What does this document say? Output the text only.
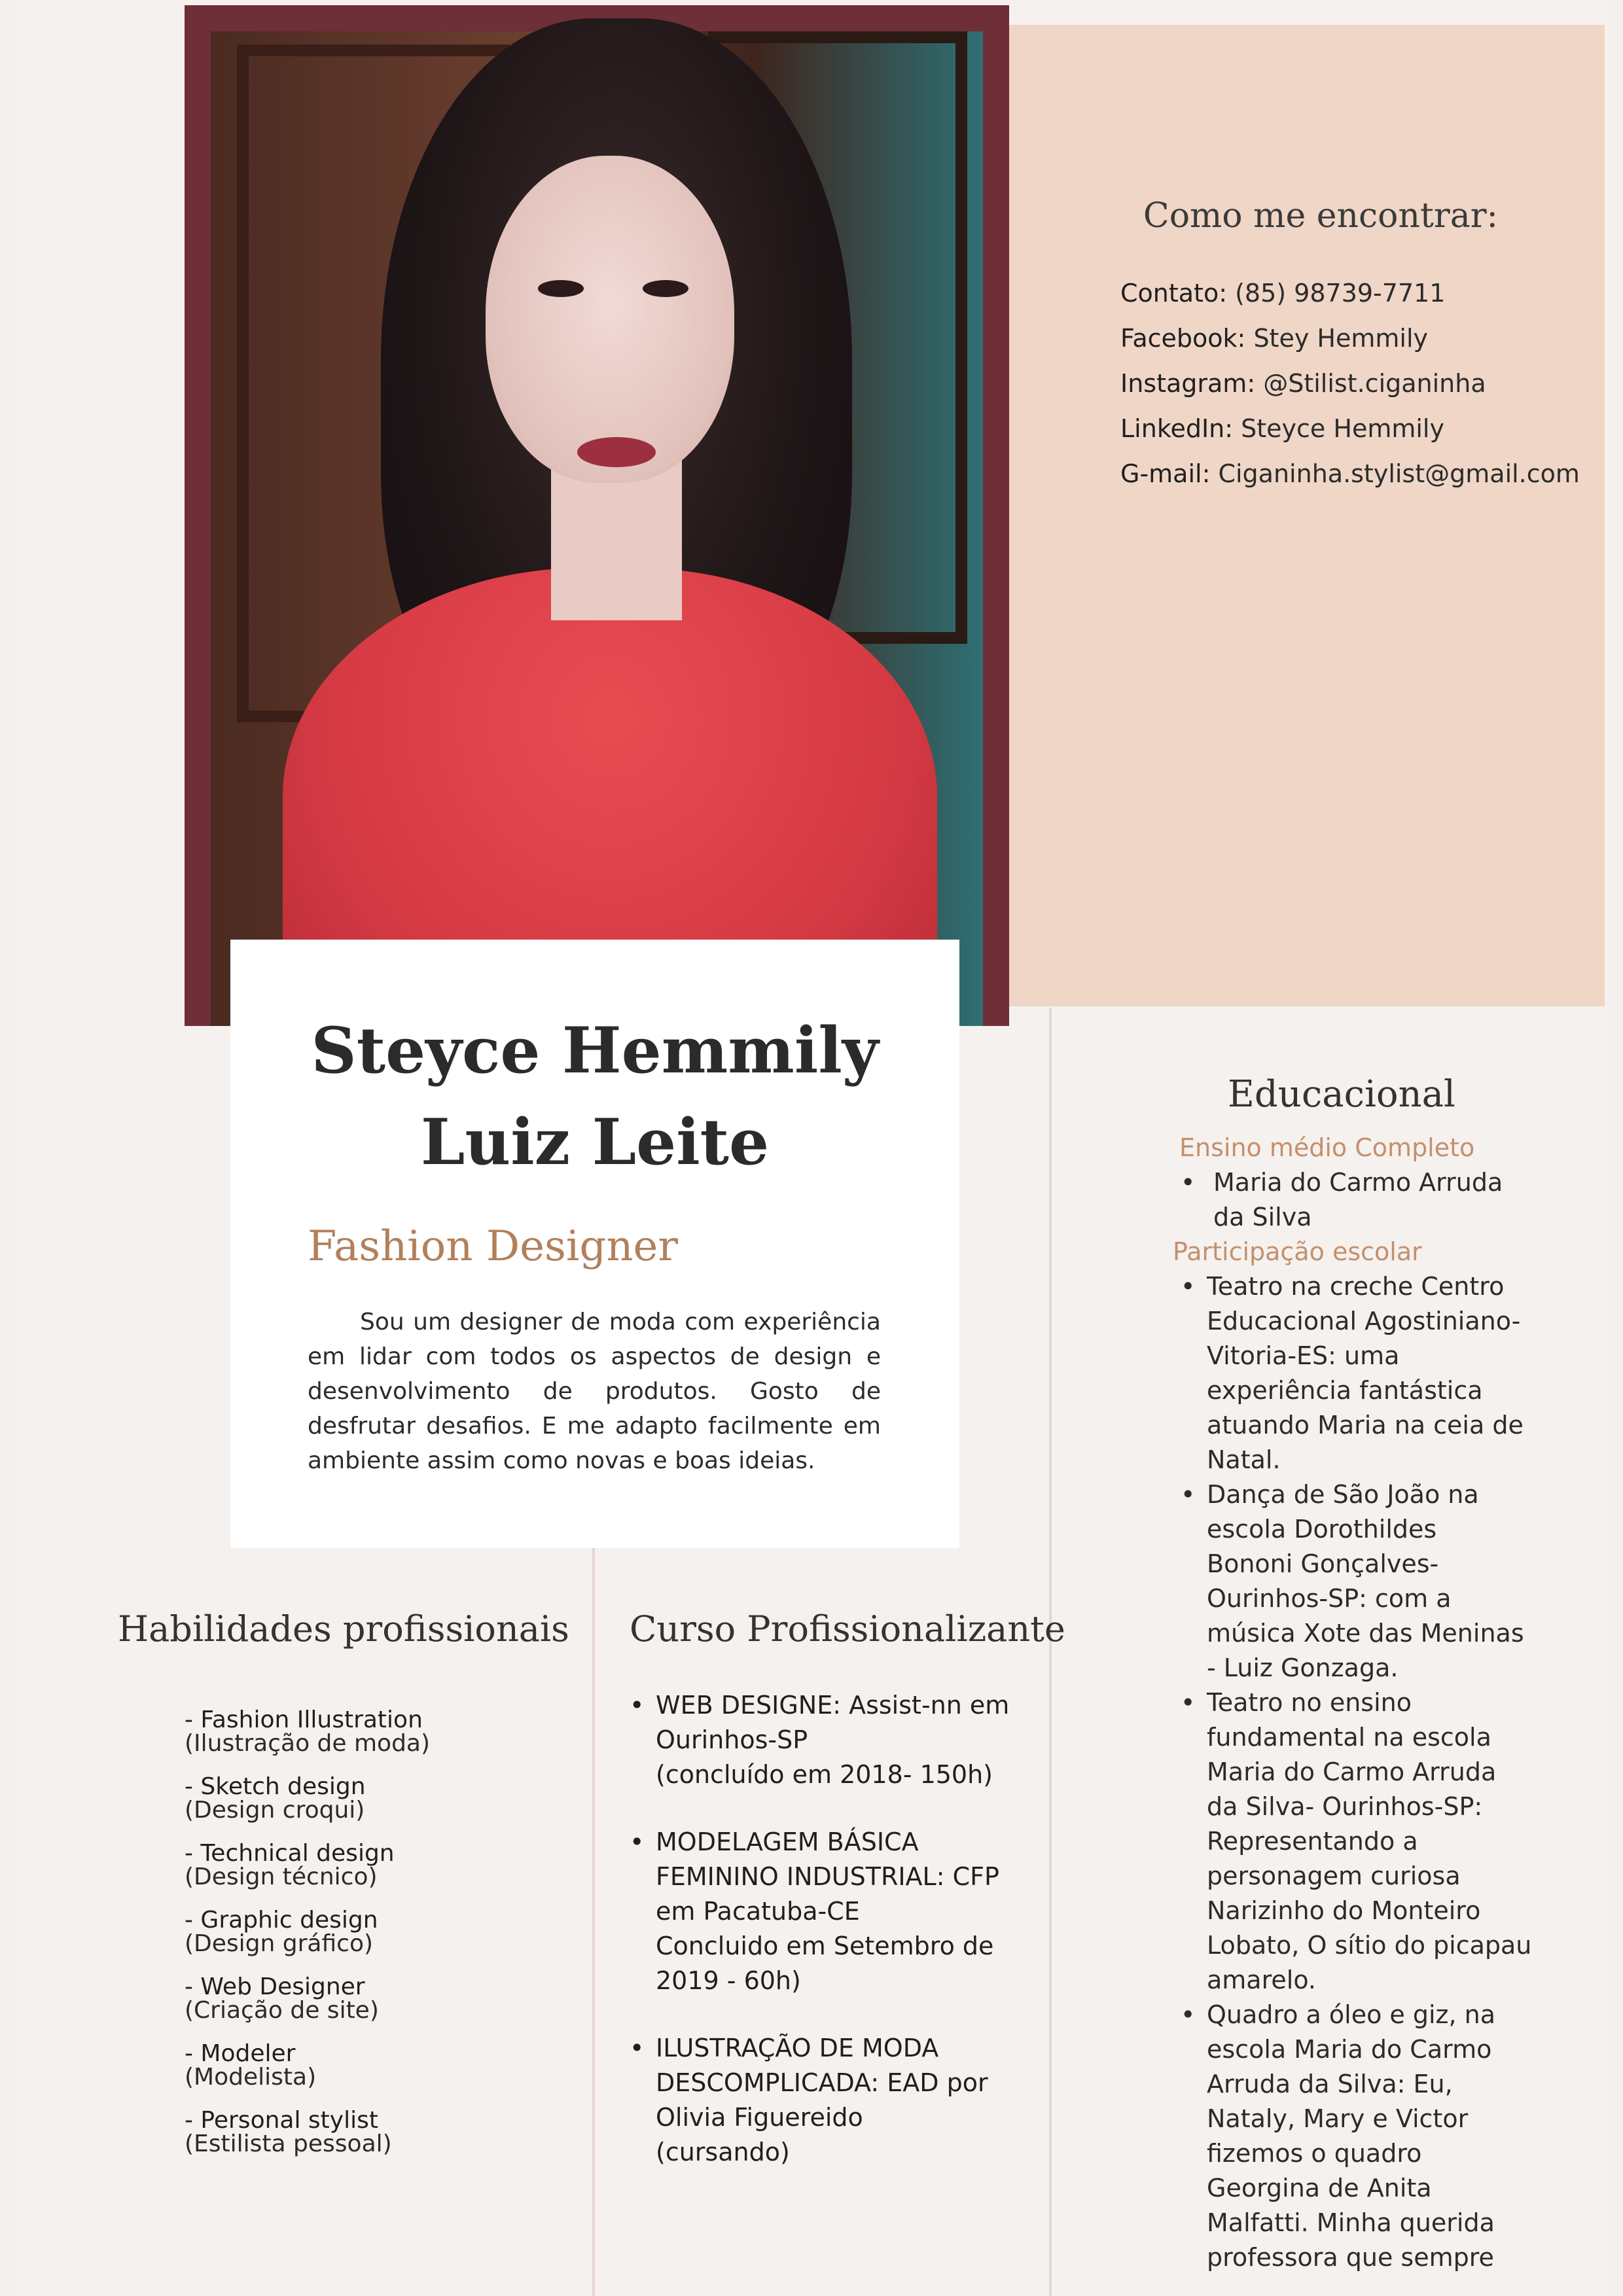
Como me encontrar:
Contato: (85) 98739-7711
Facebook: Stey Hemmily
Instagram: @Stilist.ciganinha
LinkedIn: Steyce Hemmily
G-mail: Ciganinha.stylist@gmail.com
Steyce Hemmily
Luiz Leite
Fashion Designer
Sou um designer de moda com experiência em lidar com todos os aspectos de design e desenvolvimento de produtos. Gosto de desfrutar desafios. E me adapto facilmente em ambiente assim como novas e boas ideias.
Habilidades profissionais
- Fashion Illustration
(Ilustração de moda)
- Sketch design
(Design croqui)
- Technical design
(Design técnico)
- Graphic design
(Design gráfico)
- Web Designer
(Criação de site)
- Modeler
(Modelista)
- Personal stylist
(Estilista pessoal)
Curso Profissionalizante
• WEB DESIGNE: Assist-nn em
Ourinhos-SP
(concluído em 2018- 150h)
• MODELAGEM BÁSICA
FEMININO INDUSTRIAL: CFP
em Pacatuba-CE
Concluido em Setembro de
2019 - 60h)
• ILUSTRAÇÃO DE MODA
DESCOMPLICADA: EAD por
Olivia Figuereido
(cursando)
Educacional
Ensino médio Completo
• Maria do Carmo Arruda
da Silva
Participação escolar
• Teatro na creche Centro
Educacional Agostiniano-
Vitoria-ES: uma
experiência fantástica
atuando Maria na ceia de
Natal.
• Dança de São João na
escola Dorothildes
Bononi Gonçalves-
Ourinhos-SP: com a
música Xote das Meninas
- Luiz Gonzaga.
• Teatro no ensino
fundamental na escola
Maria do Carmo Arruda
da Silva- Ourinhos-SP:
Representando a
personagem curiosa
Narizinho do Monteiro
Lobato, O sítio do picapau
amarelo.
• Quadro a óleo e giz, na
escola Maria do Carmo
Arruda da Silva: Eu,
Nataly, Mary e Victor
fizemos o quadro
Georgina de Anita
Malfatti. Minha querida
professora que sempre
